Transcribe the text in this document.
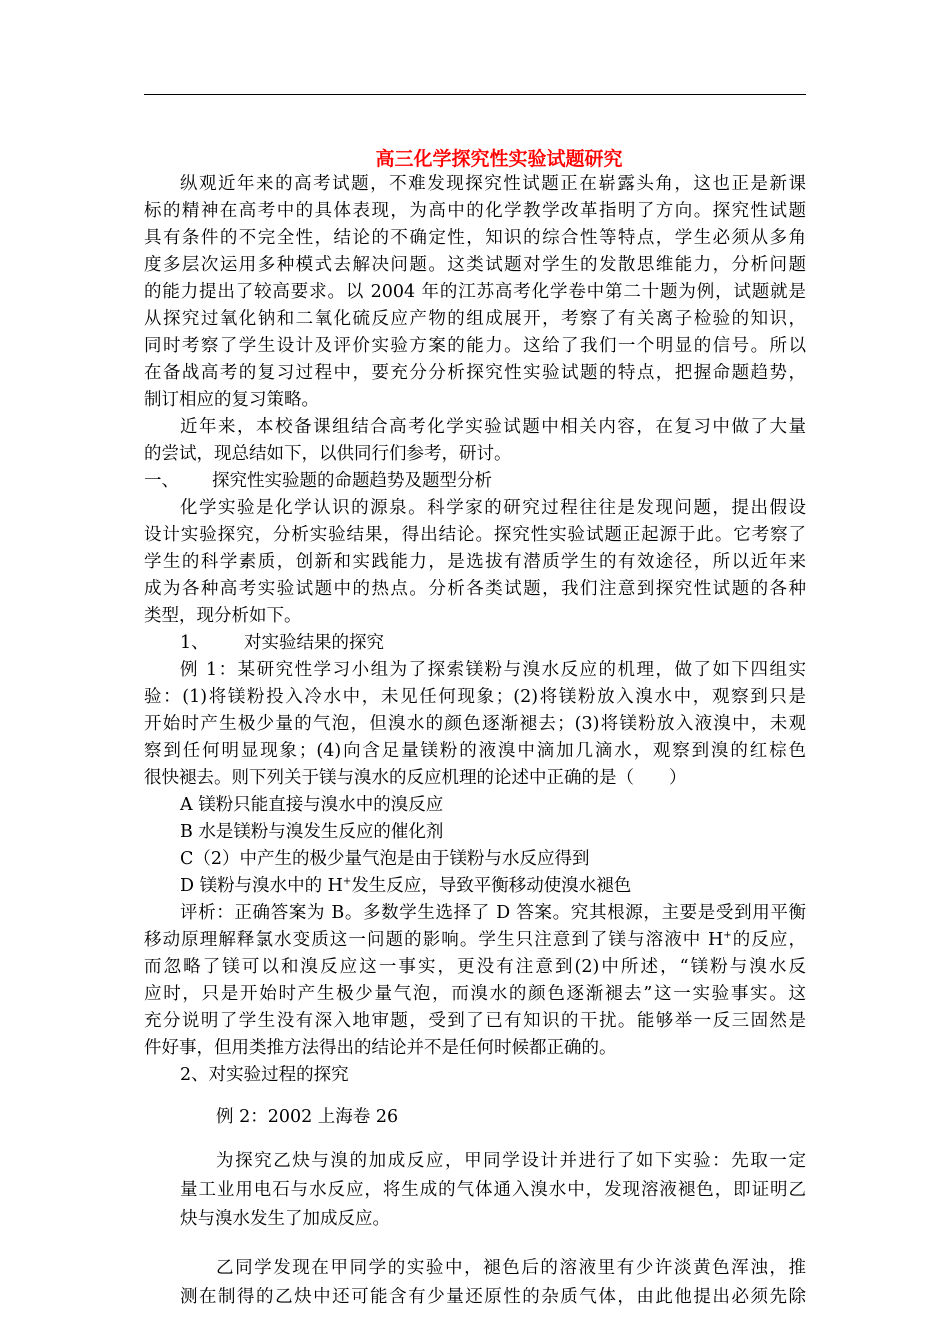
高三化学探究性实验试题研究
纵观近年来的高考试题，不难发现探究性试题正在崭露头角，这也正是新课
标的精神在高考中的具体表现，为高中的化学教学改革指明了方向。探究性试题
具有条件的不完全性，结论的不确定性，知识的综合性等特点，学生必须从多角
度多层次运用多种模式去解决问题。这类试题对学生的发散思维能力，分析问题
的能力提出了较高要求。以 2004 年的江苏高考化学卷中第二十题为例，试题就是
从探究过氧化钠和二氧化硫反应产物的组成展开，考察了有关离子检验的知识，
同时考察了学生设计及评价实验方案的能力。这给了我们一个明显的信号。所以
在备战高考的复习过程中，要充分分析探究性实验试题的特点，把握命题趋势，
制订相应的复习策略。
近年来，本校备课组结合高考化学实验试题中相关内容，在复习中做了大量
的尝试，现总结如下，以供同行们参考，研讨。
一、 探究性实验题的命题趋势及题型分析
化学实验是化学认识的源泉。科学家的研究过程往往是发现问题，提出假设
设计实验探究，分析实验结果，得出结论。探究性实验试题正起源于此。它考察了
学生的科学素质，创新和实践能力，是选拔有潜质学生的有效途径，所以近年来
成为各种高考实验试题中的热点。分析各类试题，我们注意到探究性试题的各种
类型，现分析如下。
1、 对实验结果的探究
例 1：某研究性学习小组为了探索镁粉与溴水反应的机理，做了如下四组实
验：(1)将镁粉投入冷水中，未见任何现象；(2)将镁粉放入溴水中，观察到只是
开始时产生极少量的气泡，但溴水的颜色逐渐褪去；(3)将镁粉放入液溴中，未观
察到任何明显现象；(4)向含足量镁粉的液溴中滴加几滴水，观察到溴的红棕色
很快褪去。则下列关于镁与溴水的反应机理的论述中正确的是（　　）
A 镁粉只能直接与溴水中的溴反应
B 水是镁粉与溴发生反应的催化剂
C（2）中产生的极少量气泡是由于镁粉与水反应得到
D 镁粉与溴水中的 H+发生反应，导致平衡移动使溴水褪色
评析：正确答案为 B。多数学生选择了 D 答案。究其根源，主要是受到用平衡
移动原理解释氯水变质这一问题的影响。学生只注意到了镁与溶液中 H+的反应，
而忽略了镁可以和溴反应这一事实，更没有注意到(2)中所述，“镁粉与溴水反
应时，只是开始时产生极少量气泡，而溴水的颜色逐渐褪去”这一实验事实。这
充分说明了学生没有深入地审题，受到了已有知识的干扰。能够举一反三固然是
件好事，但用类推方法得出的结论并不是任何时候都正确的。
2、对实验过程的探究
例 2：2002 上海卷 26
为探究乙炔与溴的加成反应，甲同学设计并进行了如下实验：先取一定
量工业用电石与水反应，将生成的气体通入溴水中，发现溶液褪色，即证明乙
炔与溴水发生了加成反应。
乙同学发现在甲同学的实验中，褪色后的溶液里有少许淡黄色浑浊，推
测在制得的乙炔中还可能含有少量还原性的杂质气体，由此他提出必须先除
